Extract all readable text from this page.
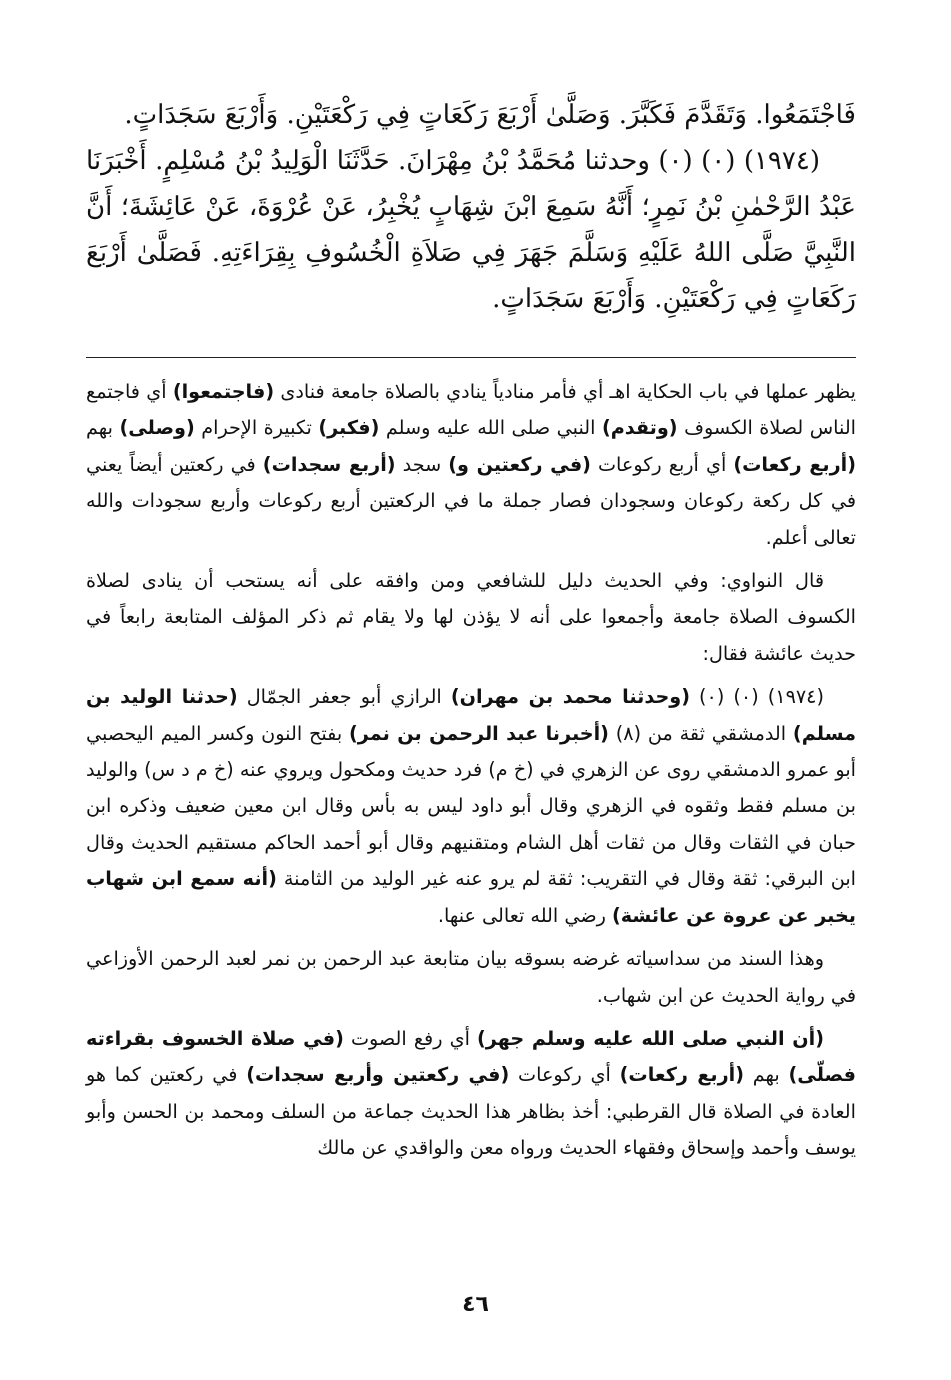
فَاجْتَمَعُوا. وَتَقَدَّمَ فَكَبَّرَ. وَصَلَّىٰ أَرْبَعَ رَكَعَاتٍ فِي رَكْعَتَيْنِ. وَأَرْبَعَ سَجَدَاتٍ.

(١٩٧٤) (٠) (٠) وحدثنا مُحَمَّدُ بْنُ مِهْرَانَ. حَدَّثَنَا الْوَلِيدُ بْنُ مُسْلِمٍ. أَخْبَرَنَا عَبْدُ الرَّحْمٰنِ بْنُ نَمِرٍ؛ أَنَّهُ سَمِعَ ابْنَ شِهَابٍ يُخْبِرُ، عَنْ عُرْوَةَ، عَنْ عَائِشَةَ؛ أَنَّ النَّبِيَّ صَلَّى اللهُ عَلَيْهِ وَسَلَّمَ جَهَرَ فِي صَلاَةِ الْخُسُوفِ بِقِرَاءَتِهِ. فَصَلَّىٰ أَرْبَعَ رَكَعَاتٍ فِي رَكْعَتَيْنِ. وَأَرْبَعَ سَجَدَاتٍ.

يظهر عملها في باب الحكاية اهـ أي فأمر منادياً ينادي بالصلاة جامعة فنادى (فاجتمعوا) أي فاجتمع الناس لصلاة الكسوف (وتقدم) النبي صلى الله عليه وسلم (فكبر) تكبيرة الإحرام (وصلى) بهم (أربع ركعات) أي أربع ركوعات (في ركعتين و) سجد (أربع سجدات) في ركعتين أيضاً يعني في كل ركعة ركوعان وسجودان فصار جملة ما في الركعتين أربع ركوعات وأربع سجودات والله تعالى أعلم.

قال النواوي: وفي الحديث دليل للشافعي ومن وافقه على أنه يستحب أن ينادى لصلاة الكسوف الصلاة جامعة وأجمعوا على أنه لا يؤذن لها ولا يقام ثم ذكر المؤلف المتابعة رابعاً في حديث عائشة فقال:

(١٩٧٤) (٠) (٠) (وحدثنا محمد بن مهران) الرازي أبو جعفر الجمّال (حدثنا الوليد بن مسلم) الدمشقي ثقة من (٨) (أخبرنا عبد الرحمن بن نمر) بفتح النون وكسر الميم اليحصبي أبو عمرو الدمشقي روى عن الزهري في (خ م) فرد حديث ومكحول ويروي عنه (خ م د س) والوليد بن مسلم فقط وثقوه في الزهري وقال أبو داود ليس به بأس وقال ابن معين ضعيف وذكره ابن حبان في الثقات وقال من ثقات أهل الشام ومتقنيهم وقال أبو أحمد الحاكم مستقيم الحديث وقال ابن البرقي: ثقة وقال في التقريب: ثقة لم يرو عنه غير الوليد من الثامنة (أنه سمع ابن شهاب يخبر عن عروة عن عائشة) رضي الله تعالى عنها.

وهذا السند من سداسياته غرضه بسوقه بيان متابعة عبد الرحمن بن نمر لعبد الرحمن الأوزاعي في رواية الحديث عن ابن شهاب.

(أن النبي صلى الله عليه وسلم جهر) أي رفع الصوت (في صلاة الخسوف بقراءته فصلّى) بهم (أربع ركعات) أي ركوعات (في ركعتين وأربع سجدات) في ركعتين كما هو العادة في الصلاة قال القرطبي: أخذ بظاهر هذا الحديث جماعة من السلف ومحمد بن الحسن وأبو يوسف وأحمد وإسحاق وفقهاء الحديث ورواه معن والواقدي عن مالك

٤٦
